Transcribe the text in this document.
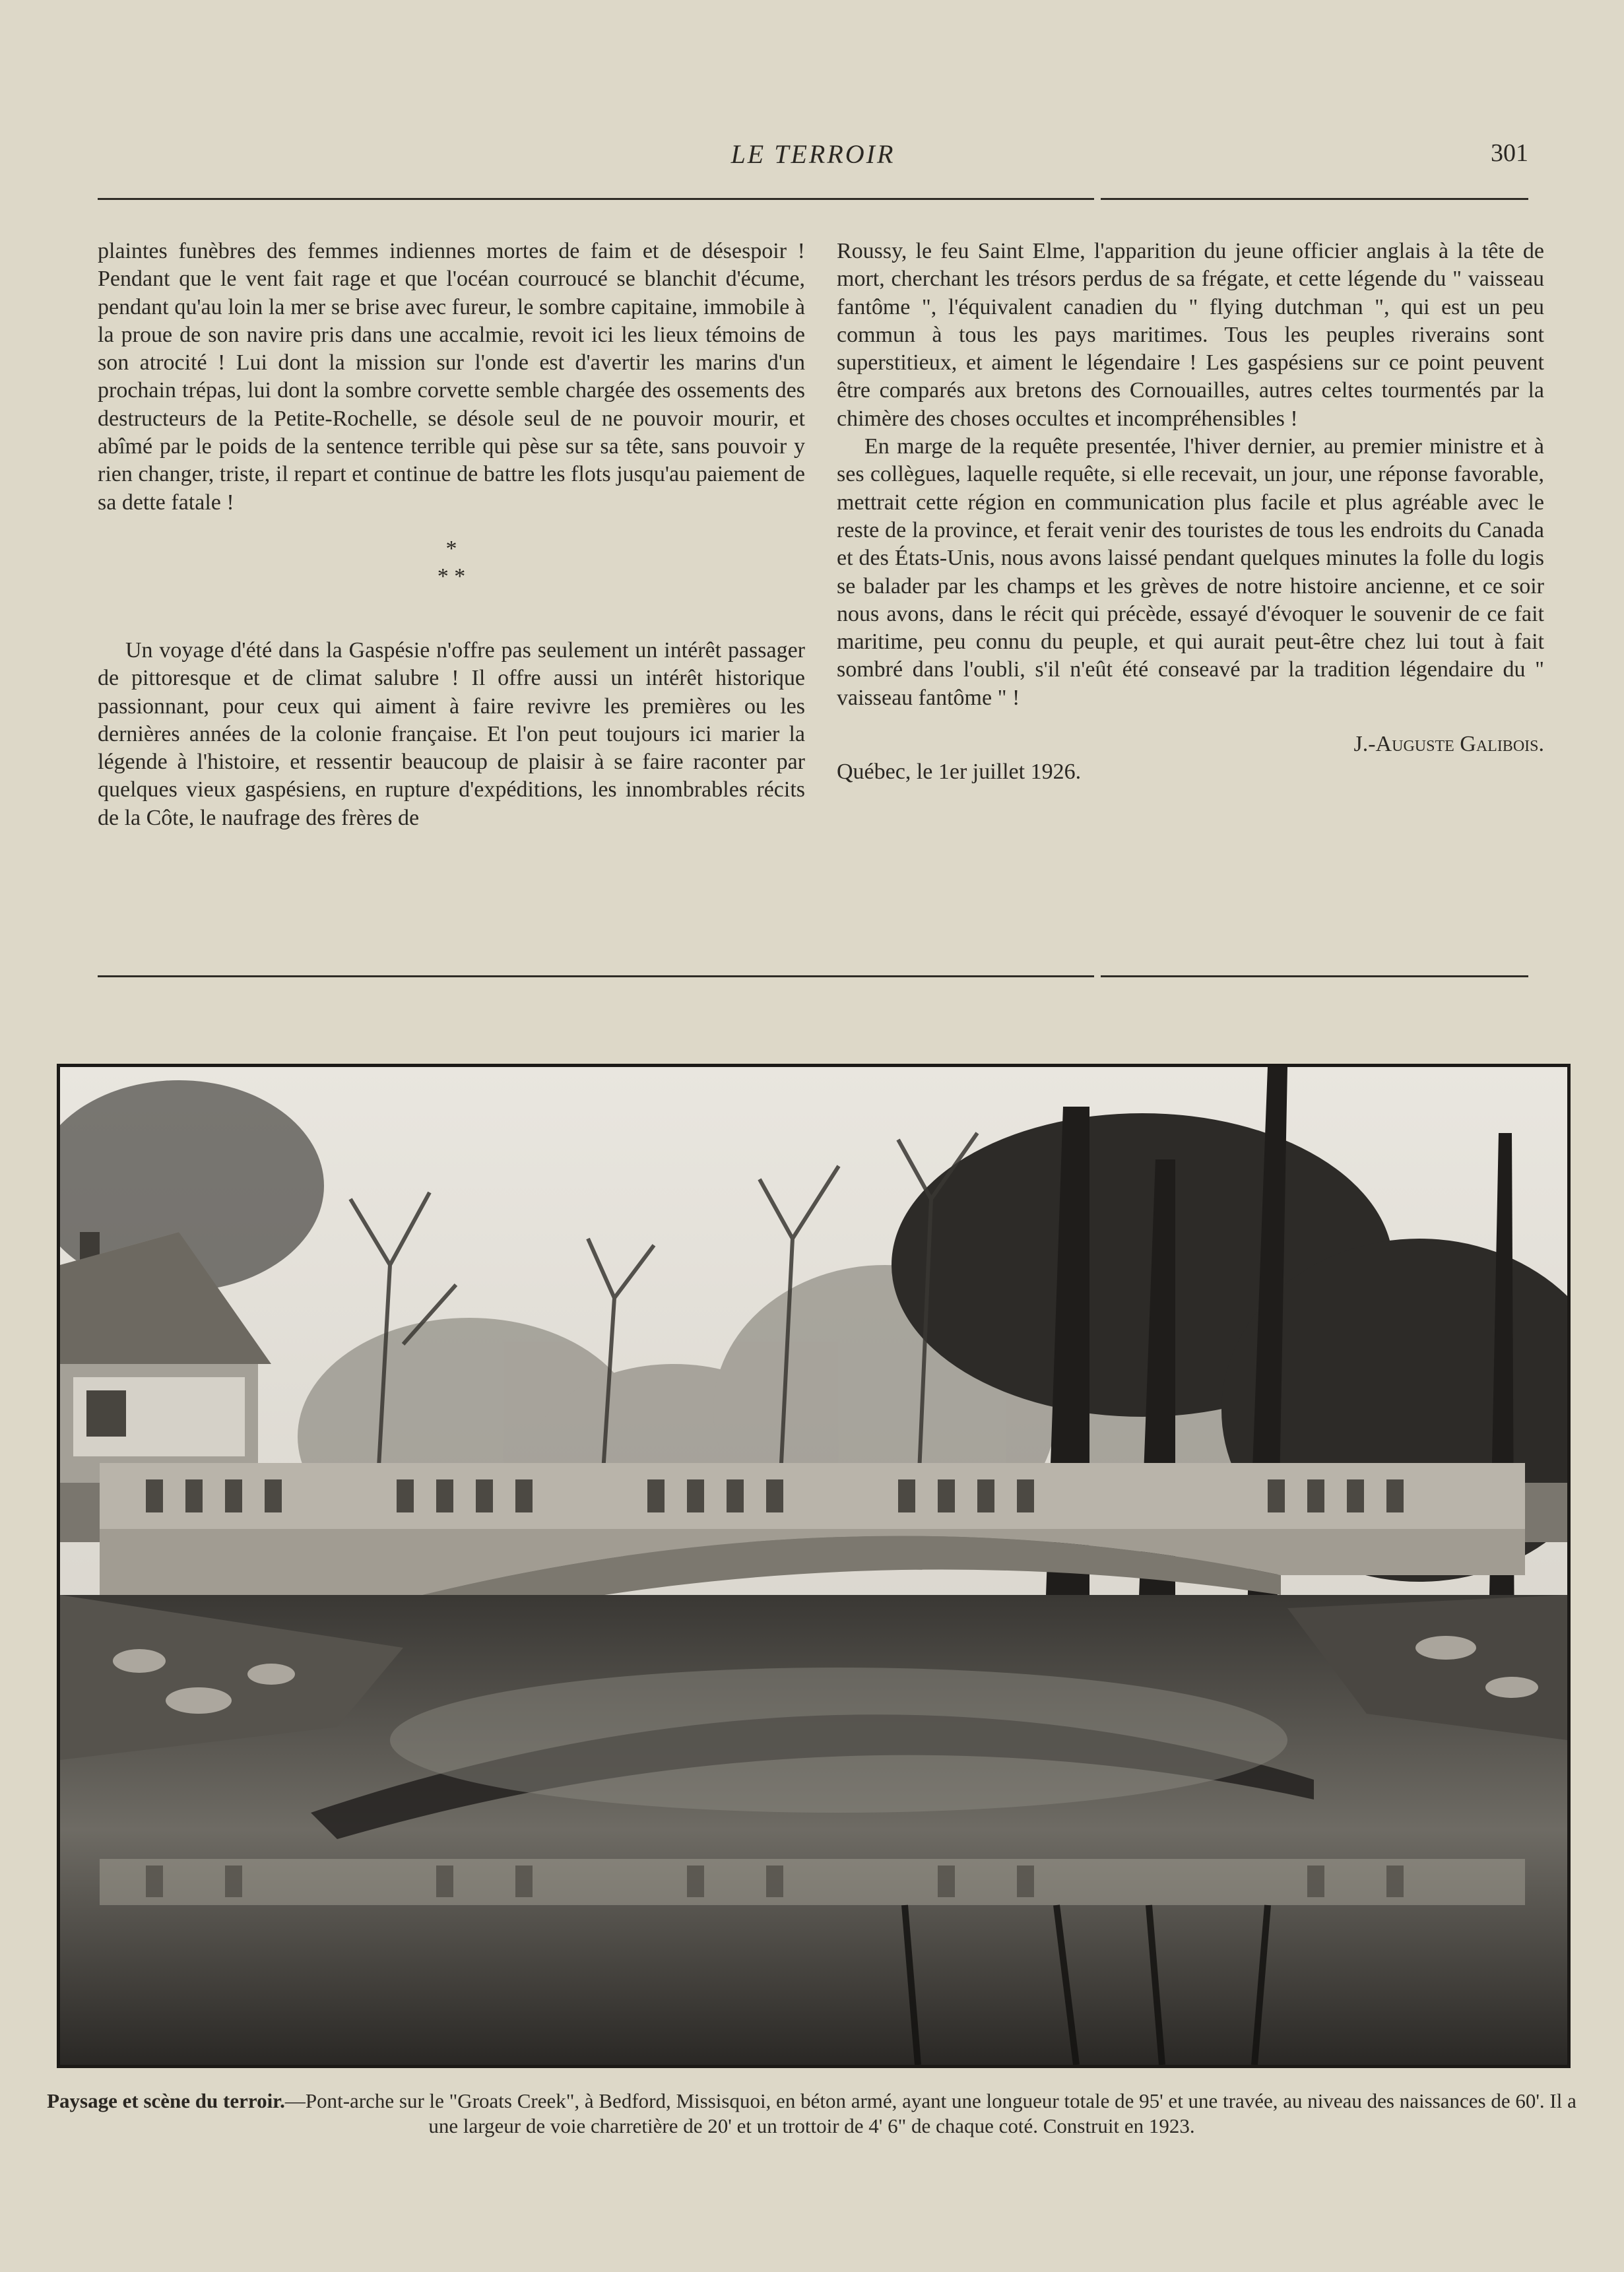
LE TERROIR	301

plaintes funèbres des femmes indiennes mortes de faim et de désespoir ! Pendant que le vent fait rage et que l'océan courroucé se blanchit d'écume, pendant qu'au loin la mer se brise avec fureur, le sombre capitaine, immobile à la proue de son navire pris dans une accalmie, revoit ici les lieux témoins de son atrocité ! Lui dont la mission sur l'onde est d'avertir les marins d'un prochain trépas, lui dont la sombre corvette semble chargée des ossements des destructeurs de la Petite-Rochelle, se désole seul de ne pouvoir mourir, et abîmé par le poids de la sentence terrible qui pèse sur sa tête, sans pouvoir y rien changer, triste, il repart et continue de battre les flots jusqu'au paiement de sa dette fatale !

*

* *

Un voyage d'été dans la Gaspésie n'offre pas seulement un intérêt passager de pittoresque et de climat salubre ! Il offre aussi un intérêt historique passionnant, pour ceux qui aiment à faire revivre les premières ou les dernières années de la colonie française. Et l'on peut toujours ici marier la légende à l'histoire, et ressentir beaucoup de plaisir à se faire raconter par quelques vieux gaspésiens, en rupture d'expéditions, les innombrables récits de la Côte, le naufrage des frères de

Roussy, le feu Saint Elme, l'apparition du jeune officier anglais à la tête de mort, cherchant les trésors perdus de sa frégate, et cette légende du " vaisseau fantôme ", l'équivalent canadien du " flying dutchman ", qui est un peu commun à tous les pays maritimes. Tous les peuples riverains sont superstitieux, et aiment le légendaire ! Les gaspésiens sur ce point peuvent être comparés aux bretons des Cornouailles, autres celtes tourmentés par la chimère des choses occultes et incompréhensibles !

En marge de la requête presentée, l'hiver dernier, au premier ministre et à ses collègues, laquelle requête, si elle recevait, un jour, une réponse favorable, mettrait cette région en communication plus facile et plus agréable avec le reste de la province, et ferait venir des touristes de tous les endroits du Canada et des États-Unis, nous avons laissé pendant quelques minutes la folle du logis se balader par les champs et les grèves de notre histoire ancienne, et ce soir nous avons, dans le récit qui précède, essayé d'évoquer le souvenir de ce fait maritime, peu connu du peuple, et qui aurait peut-être chez lui tout à fait sombré dans l'oubli, s'il n'eût été conseavé par la tradition légendaire du " vaisseau fantôme " !

J.-Auguste Galibois.

Québec, le 1er juillet 1926.

Paysage et scène du terroir.—Pont-arche sur le "Groats Creek", à Bedford, Missisquoi, en béton armé, ayant une longueur totale de 95' et une travée, au niveau des naissances de 60'. Il a une largeur de voie charretière de 20' et un trottoir de 4' 6" de chaque coté. Construit en 1923.
